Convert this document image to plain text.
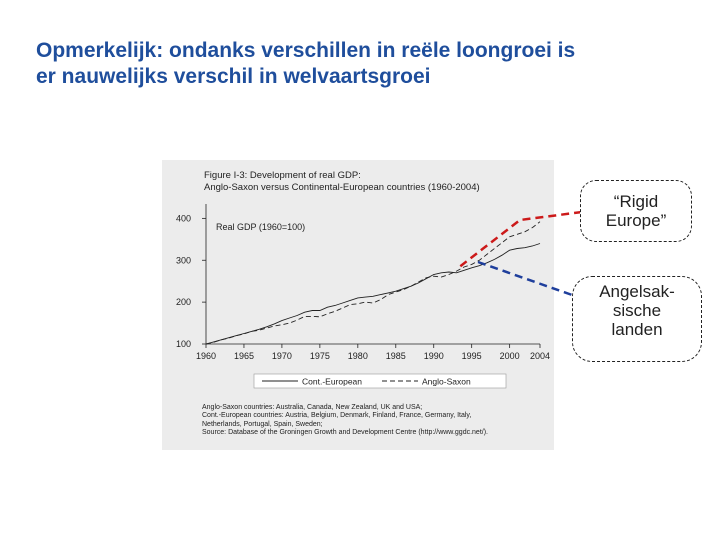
Opmerkelijk: ondanks verschillen in reële loongroei is
er nauwelijks verschil in welvaartsgroei
Figure I-3: Development of real GDP:
Anglo-Saxon versus Continental-European countries (1960-2004)
Real GDP (1960=100)
100
200
300
400
1960 1965 1970 1975 1980 1985 1990 1995 2000 2004
Cont.-European	Anglo-Saxon
Anglo-Saxon countries: Australia, Canada, New Zealand, UK and USA;
Cont.-European countries: Austria, Belgium, Denmark, Finland, France, Germany, Italy,
Netherlands, Portugal, Spain, Sweden;
Source: Database of the Groningen Growth and Development Centre (http://www.ggdc.net/).
“Rigid
Europe”
Angelsak-
sische
landen
